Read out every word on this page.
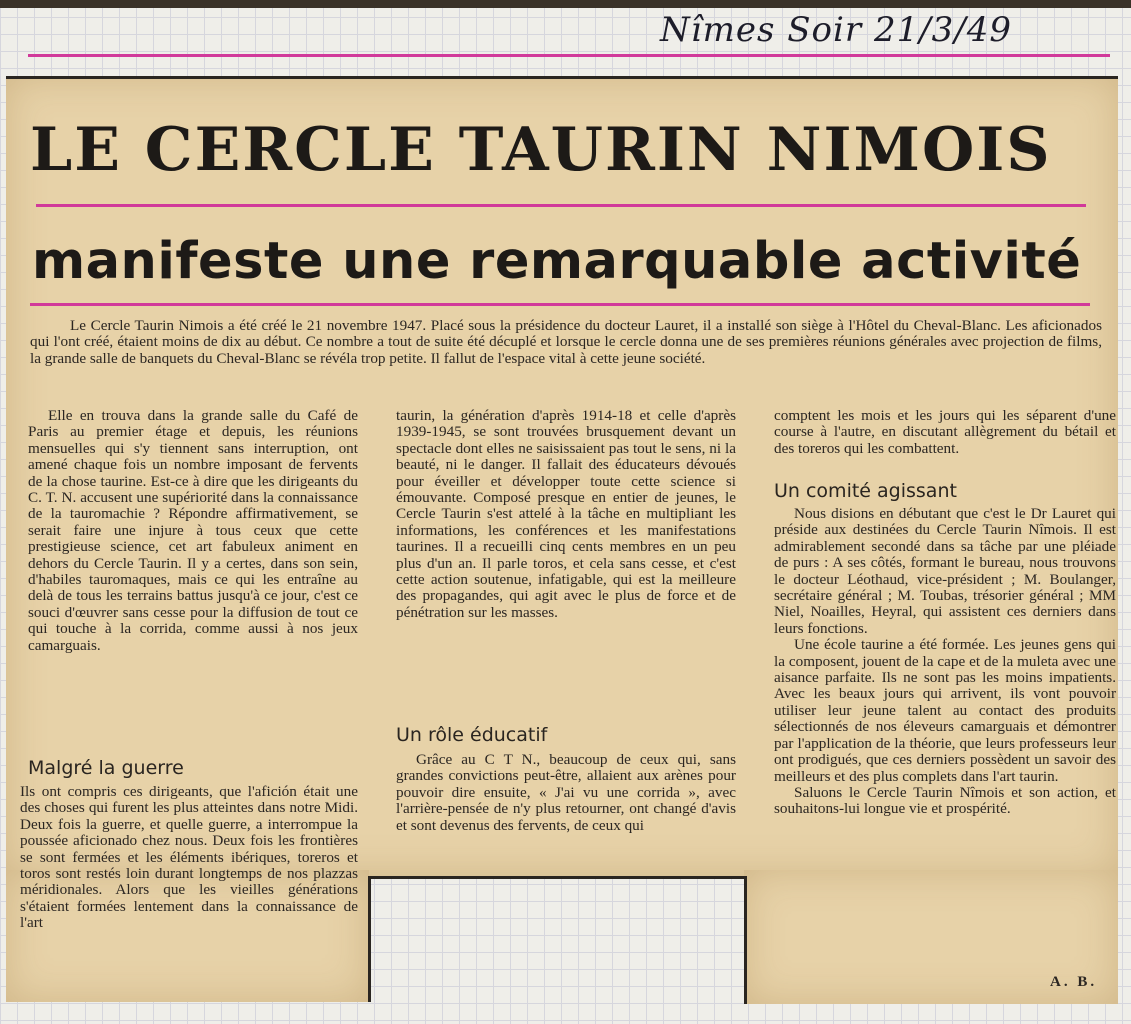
Nîmes Soir 21/3/49
LE CERCLE TAURIN NIMOIS
manifeste une remarquable activité
Le Cercle Taurin Nimois a été créé le 21 novembre 1947. Placé sous la présidence du docteur Lauret, il a installé son siège à l'Hôtel du Cheval-Blanc. Les aficionados qui l'ont créé, étaient moins de dix au début. Ce nombre a tout de suite été décuplé et lorsque le cercle donna une de ses premières réunions générales avec projection de films, la grande salle de banquets du Cheval-Blanc se révéla trop petite. Il fallut de l'espace vital à cette jeune société.
Elle en trouva dans la grande salle du Café de Paris au premier étage et depuis, les réunions mensuelles qui s'y tiennent sans interruption, ont amené chaque fois un nombre imposant de fervents de la chose taurine. Est-ce à dire que les dirigeants du C. T. N. accusent une supériorité dans la connaissance de la tauromachie ? Répondre affirmativement, se serait faire une injure à tous ceux que cette prestigieuse science, cet art fabuleux animent en dehors du Cercle Taurin. Il y a certes, dans son sein, d'habiles tauromaques, mais ce qui les entraîne au delà de tous les terrains battus jusqu'à ce jour, c'est ce souci d'œuvrer sans cesse pour la diffusion de tout ce qui touche à la corrida, comme aussi à nos jeux camarguais.
Malgré la guerre
Ils ont compris ces dirigeants, que l'afición était une des choses qui furent les plus atteintes dans notre Midi. Deux fois la guerre, et quelle guerre, a interrompue la poussée aficionado chez nous. Deux fois les frontières se sont fermées et les éléments ibériques, toreros et toros sont restés loin durant longtemps de nos plazzas méridionales. Alors que les vieilles générations s'étaient formées lentement dans la connaissance de l'art
taurin, la génération d'après 1914-18 et celle d'après 1939-1945, se sont trouvées brusquement devant un spectacle dont elles ne saisissaient pas tout le sens, ni la beauté, ni le danger. Il fallait des éducateurs dévoués pour éveiller et développer toute cette science si émouvante. Composé presque en entier de jeunes, le Cercle Taurin s'est attelé à la tâche en multipliant les informations, les conférences et les manifestations taurines. Il a recueilli cinq cents membres en un peu plus d'un an. Il parle toros, et cela sans cesse, et c'est cette action soutenue, infatigable, qui est la meilleure des propagandes, qui agit avec le plus de force et de pénétration sur les masses.
Un rôle éducatif
Grâce au C T N., beaucoup de ceux qui, sans grandes convictions peut-être, allaient aux arènes pour pouvoir dire ensuite, « J'ai vu une corrida », avec l'arrière-pensée de n'y plus retourner, ont changé d'avis et sont devenus des fervents, de ceux qui
comptent les mois et les jours qui les séparent d'une course à l'autre, en discutant allègrement du bétail et des toreros qui les combattent.
Un comité agissant
Nous disions en débutant que c'est le Dr Lauret qui préside aux destinées du Cercle Taurin Nîmois. Il est admirablement secondé dans sa tâche par une pléiade de purs : A ses côtés, formant le bureau, nous trouvons le docteur Léothaud, vice-président ; M. Boulanger, secrétaire général ; M. Toubas, trésorier général ; MM Niel, Noailles, Heyral, qui assistent ces derniers dans leurs fonctions.
Une école taurine a été formée. Les jeunes gens qui la composent, jouent de la cape et de la muleta avec une aisance parfaite. Ils ne sont pas les moins impatients. Avec les beaux jours qui arrivent, ils vont pouvoir utiliser leur jeune talent au contact des produits sélectionnés de nos éleveurs camarguais et démontrer par l'application de la théorie, que leurs professeurs leur ont prodigués, que ces derniers possèdent un savoir des meilleurs et des plus complets dans l'art taurin.
Saluons le Cercle Taurin Nîmois et son action, et souhaitons-lui longue vie et prospérité.
A. B.
